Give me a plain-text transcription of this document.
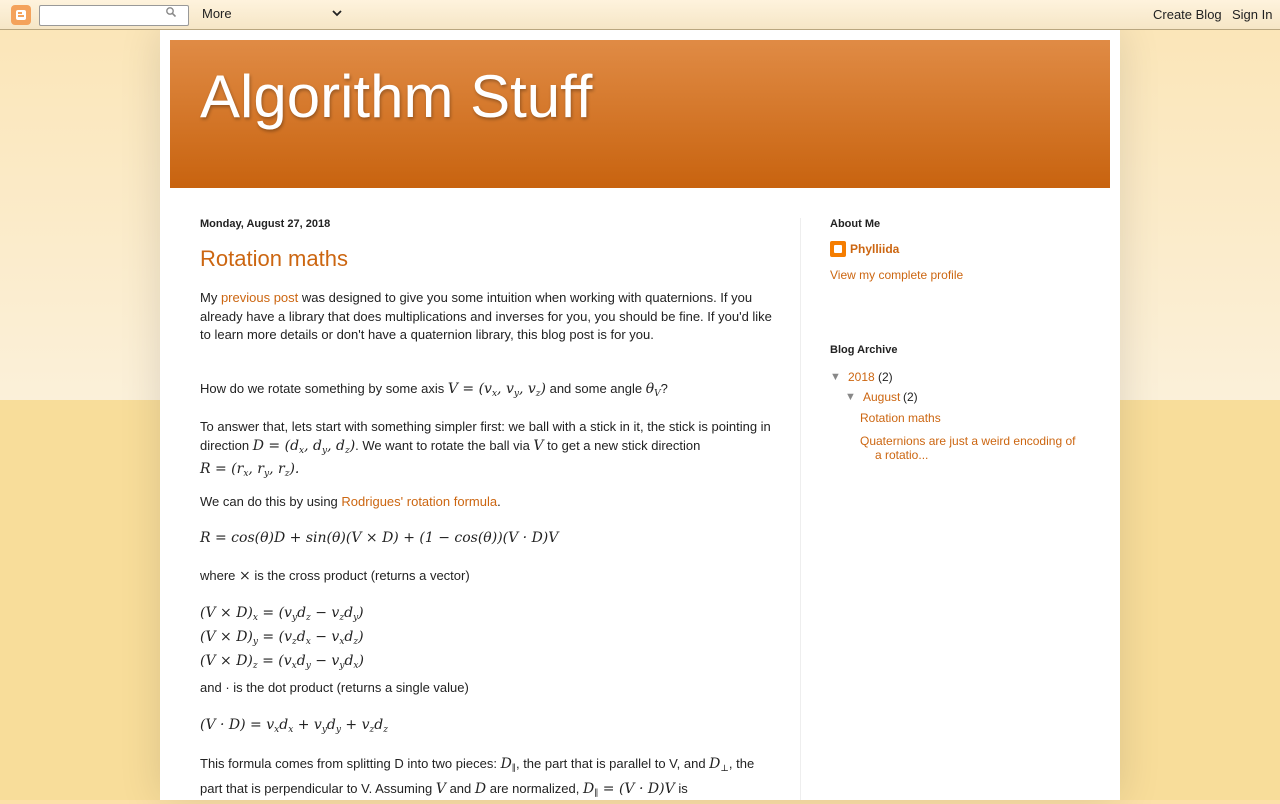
More	Create Blog Sign In
Algorithm Stuff
Monday, August 27, 2018
Rotation maths
My previous post was designed to give you some intuition when working with quaternions. If you already have a library that does multiplications and inverses for you, you should be fine. If you'd like to learn more details or don't have a quaternion library, this blog post is for you.
How do we rotate something by some axis $V = (v_x$, $v_y$, $v_z$) and some angle $\theta_V$?
To answer that, lets start with something simpler first: we ball with a stick in it, the stick is pointing in direction $D = (d_x$, $d_y$, $d_z$). We want to rotate the ball via V to get a new stick direction
$R = (r_x$, $r_y$, $r_z$).
We can do this by using Rodrigues' rotation formula.
R = cos(θ)D + sin(θ)(V × D) + (1 − cos(θ))(V · D)V
where × is the cross product (returns a vector)
$(V \times D)_x = (v_yd_z - v_zd_y)$
$(V \times D)_y = (v_zd_x - v_xd_z)$
$(V \times D)_z = (v_xd_y - v_yd_x)$
and · is the dot product (returns a single value)
$(V \cdot D) = v_xd_x + v_yd_y + v_zd_z$
This formula comes from splitting D into two pieces: $D_\parallel$, the part that is parallel to V, and $D_\perp$, the part that is perpendicular to V. Assuming V and D are normalized, $D_\parallel = (V \cdot D)V$ is
About Me
Phylliida
View my complete profile
Blog Archive
▼ 2018 (2)
▼ August (2)
Rotation maths
Quaternions are just a weird encoding of
a rotatio...
